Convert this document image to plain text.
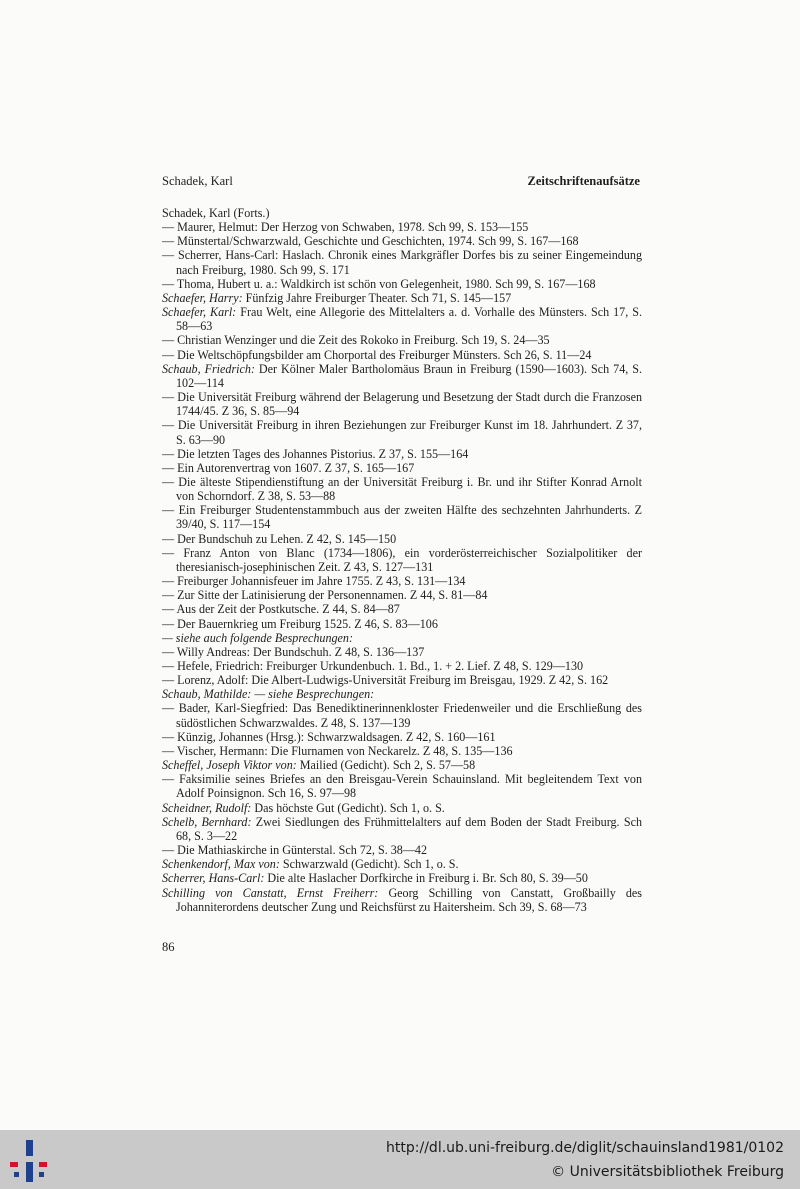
Schadek, Karl	Zeitschriftenaufsätze
Schadek, Karl (Forts.)
— Maurer, Helmut: Der Herzog von Schwaben, 1978. Sch 99, S. 153—155
— Münstertal/Schwarzwald, Geschichte und Geschichten, 1974. Sch 99, S. 167—168
— Scherrer, Hans-Carl: Haslach. Chronik eines Markgräfler Dorfes bis zu seiner Eingemeindung nach Freiburg, 1980. Sch 99, S. 171
— Thoma, Hubert u. a.: Waldkirch ist schön von Gelegenheit, 1980. Sch 99, S. 167—168
Schaefer, Harry: Fünfzig Jahre Freiburger Theater. Sch 71, S. 145—157
Schaefer, Karl: Frau Welt, eine Allegorie des Mittelalters a. d. Vorhalle des Münsters. Sch 17, S. 58—63
— Christian Wenzinger und die Zeit des Rokoko in Freiburg. Sch 19, S. 24—35
— Die Weltschöpfungsbilder am Chorportal des Freiburger Münsters. Sch 26, S. 11—24
Schaub, Friedrich: Der Kölner Maler Bartholomäus Braun in Freiburg (1590—1603). Sch 74, S. 102—114
— Die Universität Freiburg während der Belagerung und Besetzung der Stadt durch die Franzosen 1744/45. Z 36, S. 85—94
— Die Universität Freiburg in ihren Beziehungen zur Freiburger Kunst im 18. Jahrhundert. Z 37, S. 63—90
— Die letzten Tages des Johannes Pistorius. Z 37, S. 155—164
— Ein Autorenvertrag von 1607. Z 37, S. 165—167
— Die älteste Stipendienstiftung an der Universität Freiburg i. Br. und ihr Stifter Konrad Arnolt von Schorndorf. Z 38, S. 53—88
— Ein Freiburger Studentenstammbuch aus der zweiten Hälfte des sechzehnten Jahrhunderts. Z 39/40, S. 117—154
— Der Bundschuh zu Lehen. Z 42, S. 145—150
— Franz Anton von Blanc (1734—1806), ein vorderösterreichischer Sozialpolitiker der theresianisch-josephinischen Zeit. Z 43, S. 127—131
— Freiburger Johannisfeuer im Jahre 1755. Z 43, S. 131—134
— Zur Sitte der Latinisierung der Personennamen. Z 44, S. 81—84
— Aus der Zeit der Postkutsche. Z 44, S. 84—87
— Der Bauernkrieg um Freiburg 1525. Z 46, S. 83—106
— siehe auch folgende Besprechungen:
— Willy Andreas: Der Bundschuh. Z 48, S. 136—137
— Hefele, Friedrich: Freiburger Urkundenbuch. 1. Bd., 1. + 2. Lief. Z 48, S. 129—130
— Lorenz, Adolf: Die Albert-Ludwigs-Universität Freiburg im Breisgau, 1929. Z 42, S. 162
Schaub, Mathilde: — siehe Besprechungen:
— Bader, Karl-Siegfried: Das Benediktinerinnenkloster Friedenweiler und die Erschließung des südöstlichen Schwarzwaldes. Z 48, S. 137—139
— Künzig, Johannes (Hrsg.): Schwarzwaldsagen. Z 42, S. 160—161
— Vischer, Hermann: Die Flurnamen von Neckarelz. Z 48, S. 135—136
Scheffel, Joseph Viktor von: Mailied (Gedicht). Sch 2, S. 57—58
— Faksimilie seines Briefes an den Breisgau-Verein Schauinsland. Mit begleitendem Text von Adolf Poinsignon. Sch 16, S. 97—98
Scheidner, Rudolf: Das höchste Gut (Gedicht). Sch 1, o. S.
Schelb, Bernhard: Zwei Siedlungen des Frühmittelalters auf dem Boden der Stadt Freiburg. Sch 68, S. 3—22
— Die Mathiaskirche in Günterstal. Sch 72, S. 38—42
Schenkendorf, Max von: Schwarzwald (Gedicht). Sch 1, o. S.
Scherrer, Hans-Carl: Die alte Haslacher Dorfkirche in Freiburg i. Br. Sch 80, S. 39—50
Schilling von Canstatt, Ernst Freiherr: Georg Schilling von Canstatt, Großbailly des Johanniterordens deutscher Zung und Reichsfürst zu Haitersheim. Sch 39, S. 68—73
86
http://dl.ub.uni-freiburg.de/diglit/schauinsland1981/0102
© Universitätsbibliothek Freiburg
